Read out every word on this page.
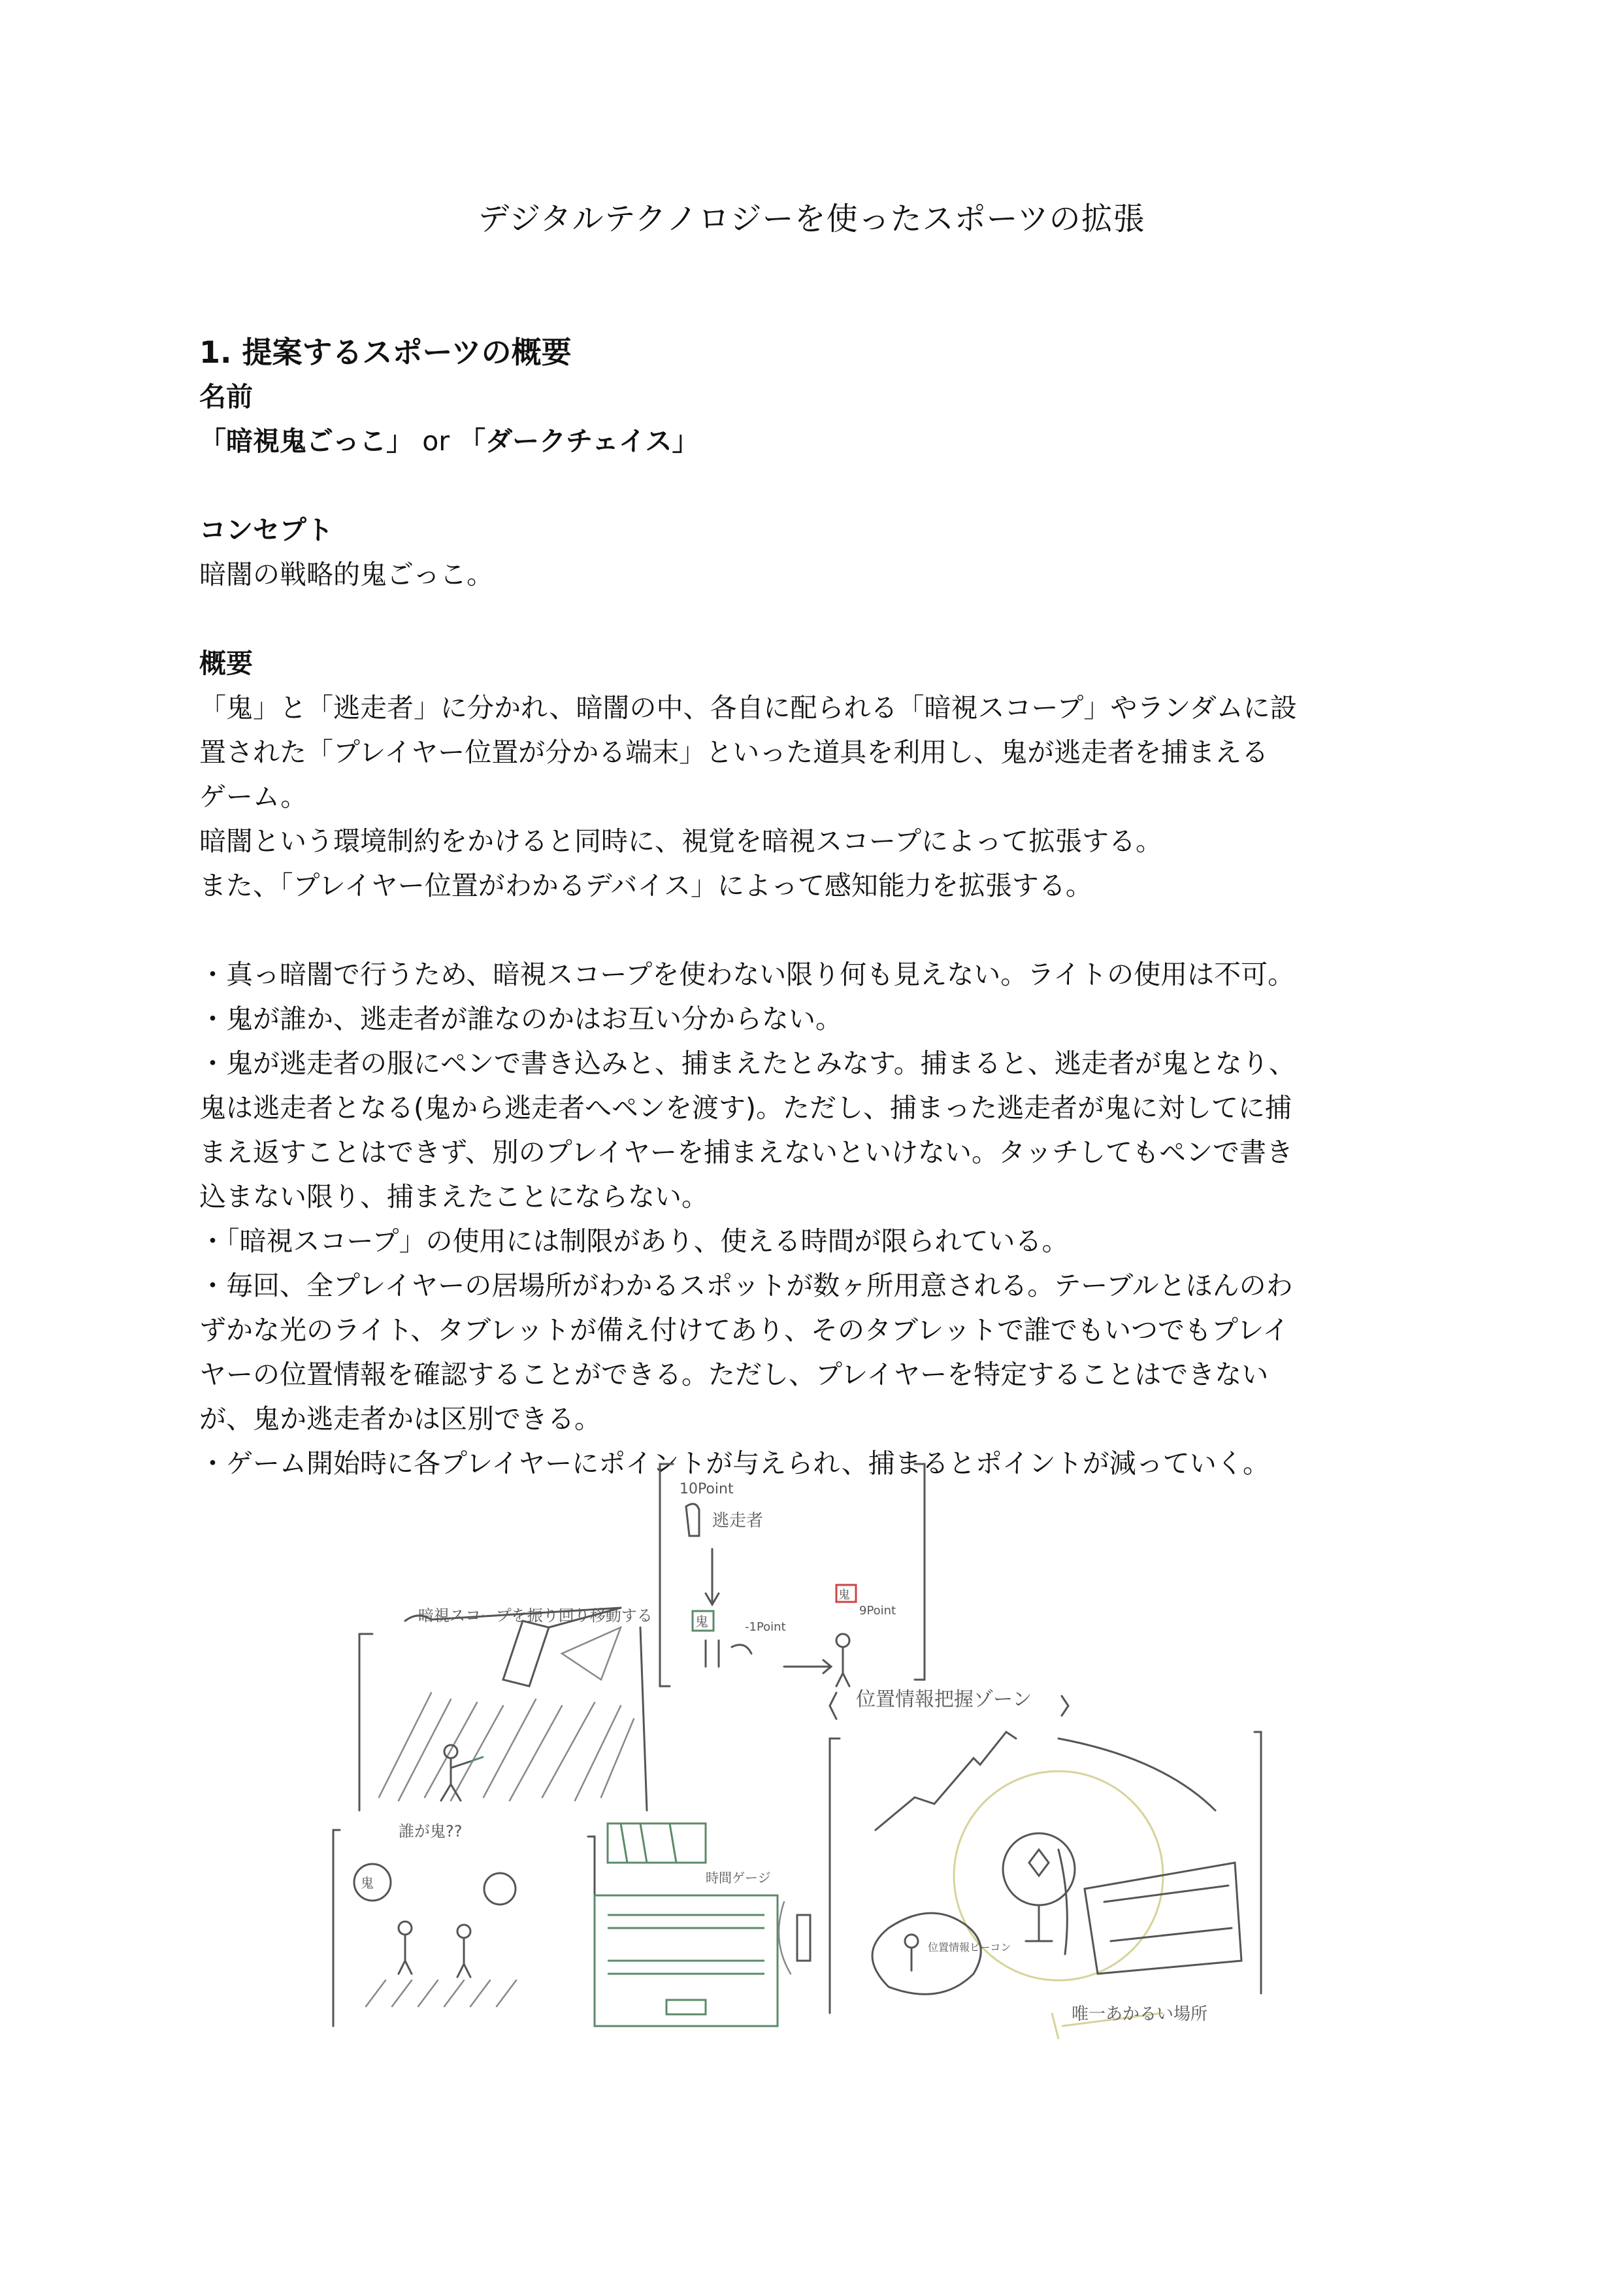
デジタルテクノロジーを使ったスポーツの拡張
1. 提案するスポーツの概要

名前

「暗視鬼ごっこ」 or 「ダークチェイス」

コンセプト

暗闇の戦略的鬼ごっこ。

概要

「鬼」と「逃走者」に分かれ、暗闇の中、各自に配られる「暗視スコープ」やランダムに設

置された「プレイヤー位置が分かる端末」といった道具を利用し、鬼が逃走者を捕まえる

ゲーム。

暗闇という環境制約をかけると同時に、視覚を暗視スコープによって拡張する。

また、「プレイヤー位置がわかるデバイス」によって感知能力を拡張する。

・真っ暗闇で行うため、暗視スコープを使わない限り何も見えない。ライトの使用は不可。

・鬼が誰か、逃走者が誰なのかはお互い分からない。

・鬼が逃走者の服にペンで書き込みと、捕まえたとみなす。捕まると、逃走者が鬼となり、

鬼は逃走者となる(鬼から逃走者へペンを渡す)。ただし、捕まった逃走者が鬼に対してに捕

まえ返すことはできず、別のプレイヤーを捕まえないといけない。タッチしてもペンで書き

込まない限り、捕まえたことにならない。

・「暗視スコープ」の使用には制限があり、使える時間が限られている。

・毎回、全プレイヤーの居場所がわかるスポットが数ヶ所用意される。テーブルとほんのわ

ずかな光のライト、タブレットが備え付けてあり、そのタブレットで誰でもいつでもプレイ

ヤーの位置情報を確認することができる。ただし、プレイヤーを特定することはできない

が、鬼か逃走者かは区別できる。

・ゲーム開始時に各プレイヤーにポイントが与えられ、捕まるとポイントが減っていく。

暗視スコープを振り回り移動する
10Point
逃走者
鬼	-1Point
鬼
9Point
誰が鬼??
鬼	時間ゲージ
位置情報把握ゾーン
位置情報ビーコン
唯一あかるい場所
